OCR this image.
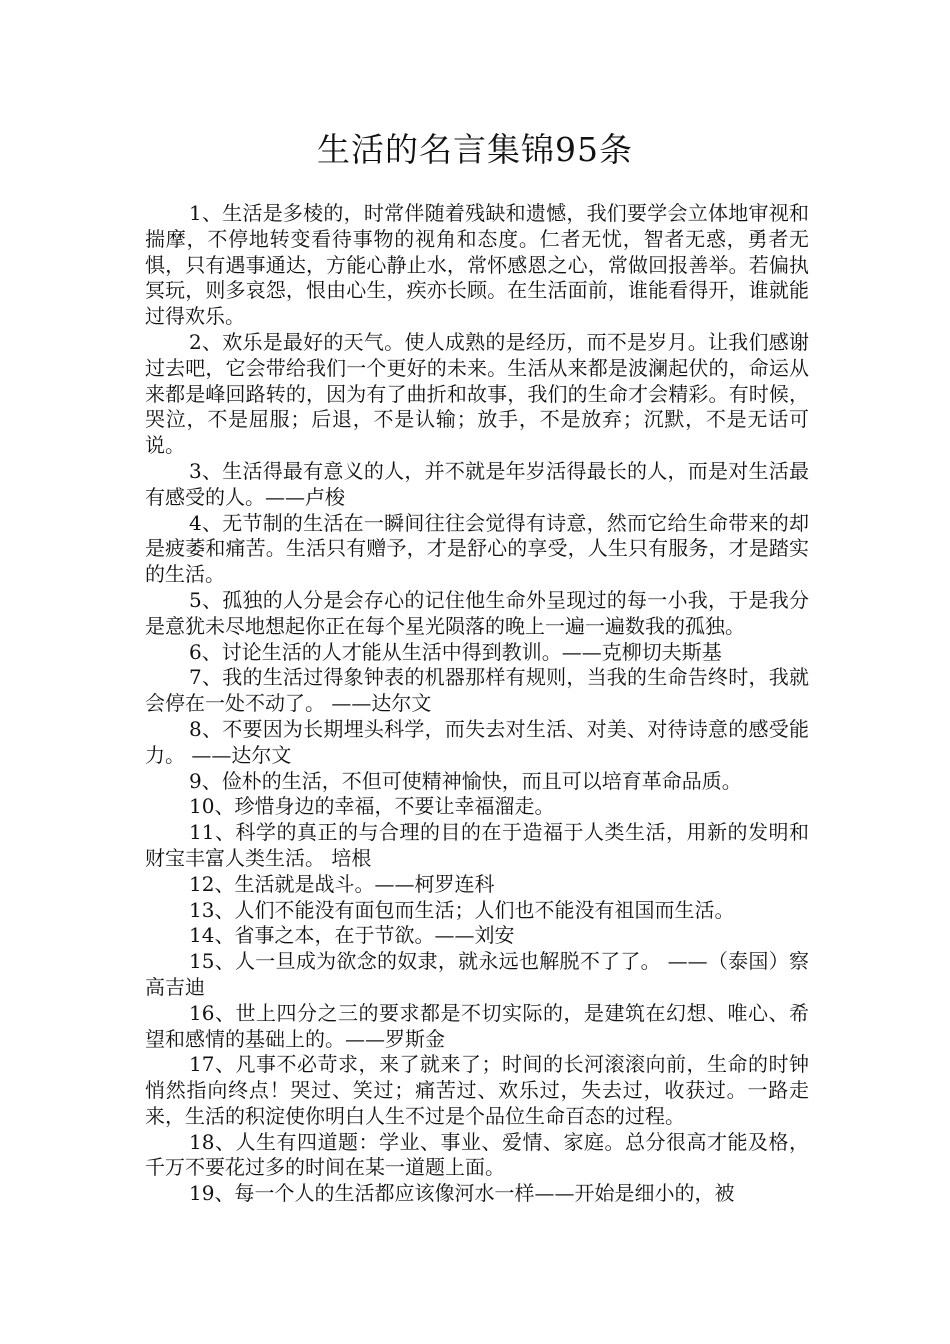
生活的名言集锦95条

1、生活是多棱的，时常伴随着残缺和遗憾，我们要学会立体地审视和揣摩，不停地转变看待事物的视角和态度。仁者无忧，智者无惑，勇者无惧，只有遇事通达，方能心静止水，常怀感恩之心，常做回报善举。若偏执冥玩，则多哀怨，恨由心生，疾亦长顾。在生活面前，谁能看得开，谁就能过得欢乐。

2、欢乐是最好的天气。使人成熟的是经历，而不是岁月。让我们感谢过去吧，它会带给我们一个更好的未来。生活从来都是波澜起伏的，命运从来都是峰回路转的，因为有了曲折和故事，我们的生命才会精彩。有时候，哭泣，不是屈服；后退，不是认输；放手，不是放弃；沉默，不是无话可说。

3、生活得最有意义的人，并不就是年岁活得最长的人，而是对生活最有感受的人。——卢梭

4、无节制的生活在一瞬间往往会觉得有诗意，然而它给生命带来的却是疲萎和痛苦。生活只有赠予，才是舒心的享受，人生只有服务，才是踏实的生活。

5、孤独的人分是会存心的记住他生命外呈现过的每一小我，于是我分是意犹未尽地想起你正在每个星光陨落的晚上一遍一遍数我的孤独。

6、讨论生活的人才能从生活中得到教训。——克柳切夫斯基

7、我的生活过得象钟表的机器那样有规则，当我的生命告终时，我就会停在一处不动了。 ——达尔文

8、不要因为长期埋头科学，而失去对生活、对美、对待诗意的感受能力。 ——达尔文

9、俭朴的生活，不但可使精神愉快，而且可以培育革命品质。

10、珍惜身边的幸福，不要让幸福溜走。

11、科学的真正的与合理的目的在于造福于人类生活，用新的发明和财宝丰富人类生活。 培根

12、生活就是战斗。——柯罗连科

13、人们不能没有面包而生活；人们也不能没有祖国而生活。

14、省事之本，在于节欲。——刘安

15、人一旦成为欲念的奴隶，就永远也解脱不了了。 ——（泰国）察 高吉迪

16、世上四分之三的要求都是不切实际的，是建筑在幻想、唯心、希望和感情的基础上的。——罗斯金

17、凡事不必苛求，来了就来了；时间的长河滚滚向前，生命的时钟悄然指向终点！哭过、笑过；痛苦过、欢乐过，失去过，收获过。一路走来，生活的积淀使你明白人生不过是个品位生命百态的过程。

18、人生有四道题：学业、事业、爱情、家庭。总分很高才能及格，千万不要花过多的时间在某一道题上面。

19、每一个人的生活都应该像河水一样——开始是细小的，被
